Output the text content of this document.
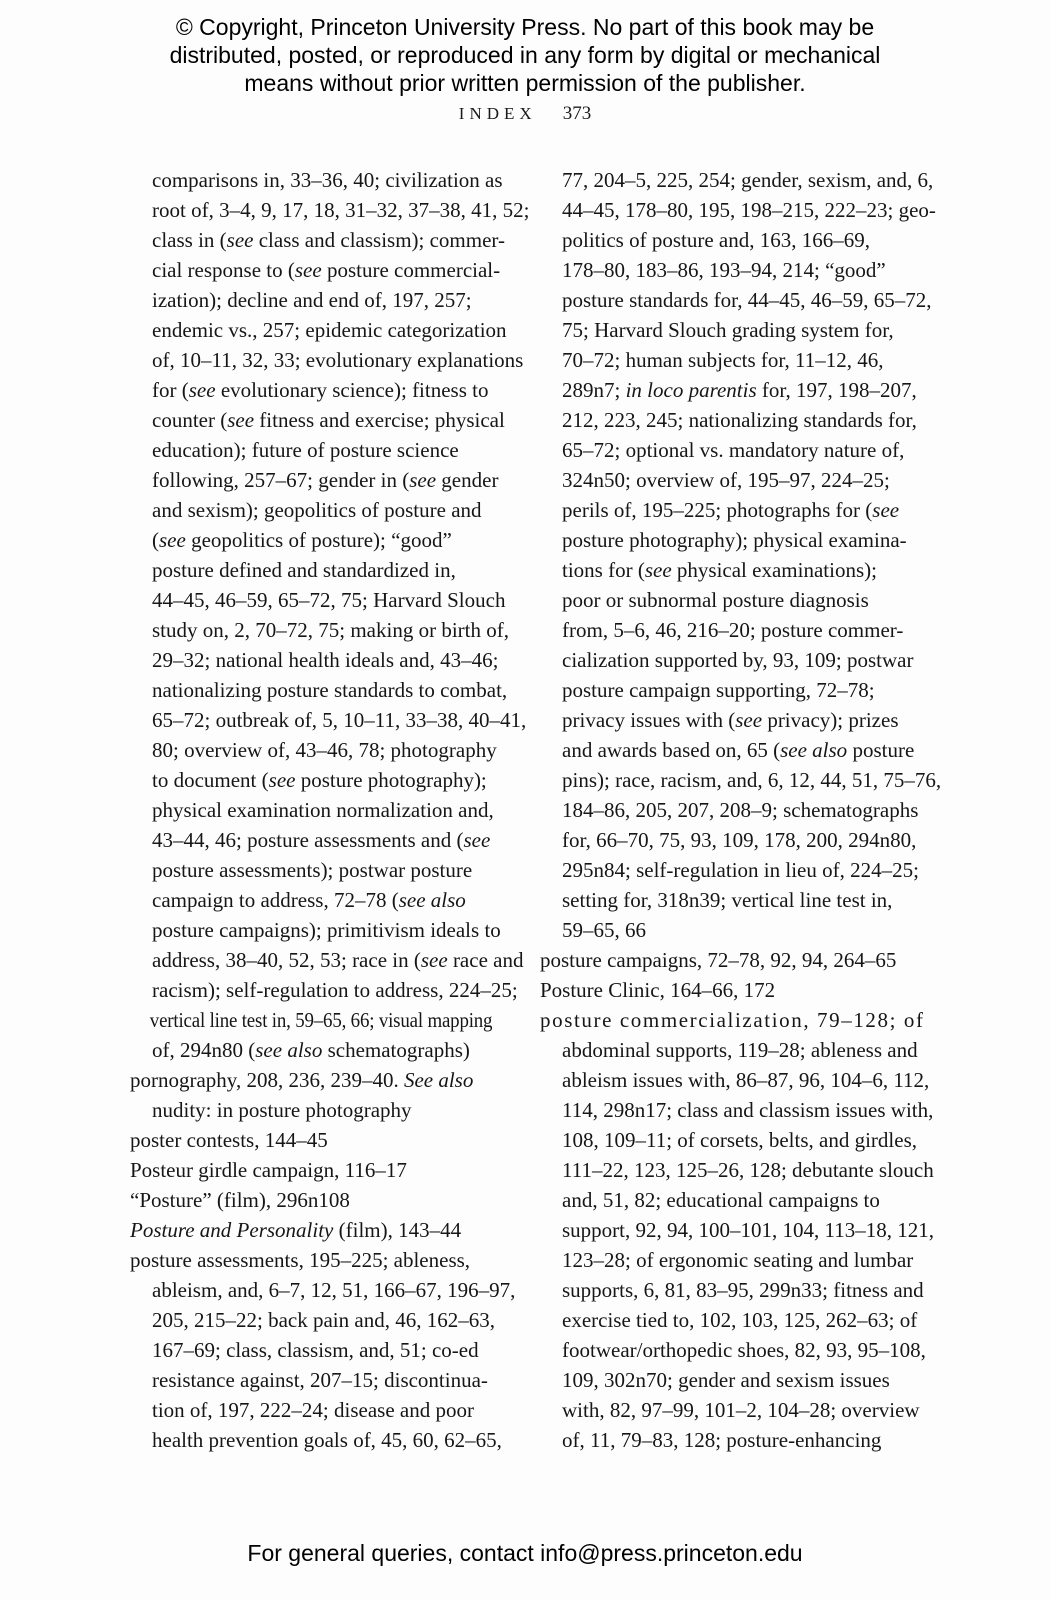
© Copyright, Princeton University Press. No part of this book may be
distributed, posted, or reproduced in any form by digital or mechanical
means without prior written permission of the publisher.
INDEX 373
comparisons in, 33–36, 40; civilization as
root of, 3–4, 9, 17, 18, 31–32, 37–38, 41, 52;
class in (see class and classism); commer-
cial response to (see posture commercial-
ization); decline and end of, 197, 257;
endemic vs., 257; epidemic categorization
of, 10–11, 32, 33; evolutionary explanations
for (see evolutionary science); fitness to
counter (see fitness and exercise; physical
education); future of posture science
following, 257–67; gender in (see gender
and sexism); geopolitics of posture and
(see geopolitics of posture); “good”
posture defined and standardized in,
44–45, 46–59, 65–72, 75; Harvard Slouch
study on, 2, 70–72, 75; making or birth of,
29–32; national health ideals and, 43–46;
nationalizing posture standards to combat,
65–72; outbreak of, 5, 10–11, 33–38, 40–41,
80; overview of, 43–46, 78; photography
to document (see posture photography);
physical examination normalization and,
43–44, 46; posture assessments and (see
posture assessments); postwar posture
campaign to address, 72–78 (see also
posture campaigns); primitivism ideals to
address, 38–40, 52, 53; race in (see race and
racism); self-regulation to address, 224–25;
vertical line test in, 59–65, 66; visual mapping
of, 294n80 (see also schematographs)
pornography, 208, 236, 239–40. See also
nudity: in posture photography
poster contests, 144–45
Posteur girdle campaign, 116–17
“Posture” (film), 296n108
Posture and Personality (film), 143–44
posture assessments, 195–225; ableness,
ableism, and, 6–7, 12, 51, 166–67, 196–97,
205, 215–22; back pain and, 46, 162–63,
167–69; class, classism, and, 51; co-ed
resistance against, 207–15; discontinua-
tion of, 197, 222–24; disease and poor
health prevention goals of, 45, 60, 62–65,
77, 204–5, 225, 254; gender, sexism, and, 6,
44–45, 178–80, 195, 198–215, 222–23; geo-
politics of posture and, 163, 166–69,
178–80, 183–86, 193–94, 214; “good”
posture standards for, 44–45, 46–59, 65–72,
75; Harvard Slouch grading system for,
70–72; human subjects for, 11–12, 46,
289n7; in loco parentis for, 197, 198–207,
212, 223, 245; nationalizing standards for,
65–72; optional vs. mandatory nature of,
324n50; overview of, 195–97, 224–25;
perils of, 195–225; photographs for (see
posture photography); physical examina-
tions for (see physical examinations);
poor or subnormal posture diagnosis
from, 5–6, 46, 216–20; posture commer-
cialization supported by, 93, 109; postwar
posture campaign supporting, 72–78;
privacy issues with (see privacy); prizes
and awards based on, 65 (see also posture
pins); race, racism, and, 6, 12, 44, 51, 75–76,
184–86, 205, 207, 208–9; schematographs
for, 66–70, 75, 93, 109, 178, 200, 294n80,
295n84; self-regulation in lieu of, 224–25;
setting for, 318n39; vertical line test in,
59–65, 66
posture campaigns, 72–78, 92, 94, 264–65
Posture Clinic, 164–66, 172
posture commercialization, 79–128; of
abdominal supports, 119–28; ableness and
ableism issues with, 86–87, 96, 104–6, 112,
114, 298n17; class and classism issues with,
108, 109–11; of corsets, belts, and girdles,
111–22, 123, 125–26, 128; debutante slouch
and, 51, 82; educational campaigns to
support, 92, 94, 100–101, 104, 113–18, 121,
123–28; of ergonomic seating and lumbar
supports, 6, 81, 83–95, 299n33; fitness and
exercise tied to, 102, 103, 125, 262–63; of
footwear/orthopedic shoes, 82, 93, 95–108,
109, 302n70; gender and sexism issues
with, 82, 97–99, 101–2, 104–28; overview
of, 11, 79–83, 128; posture-enhancing
For general queries, contact info@press.princeton.edu
